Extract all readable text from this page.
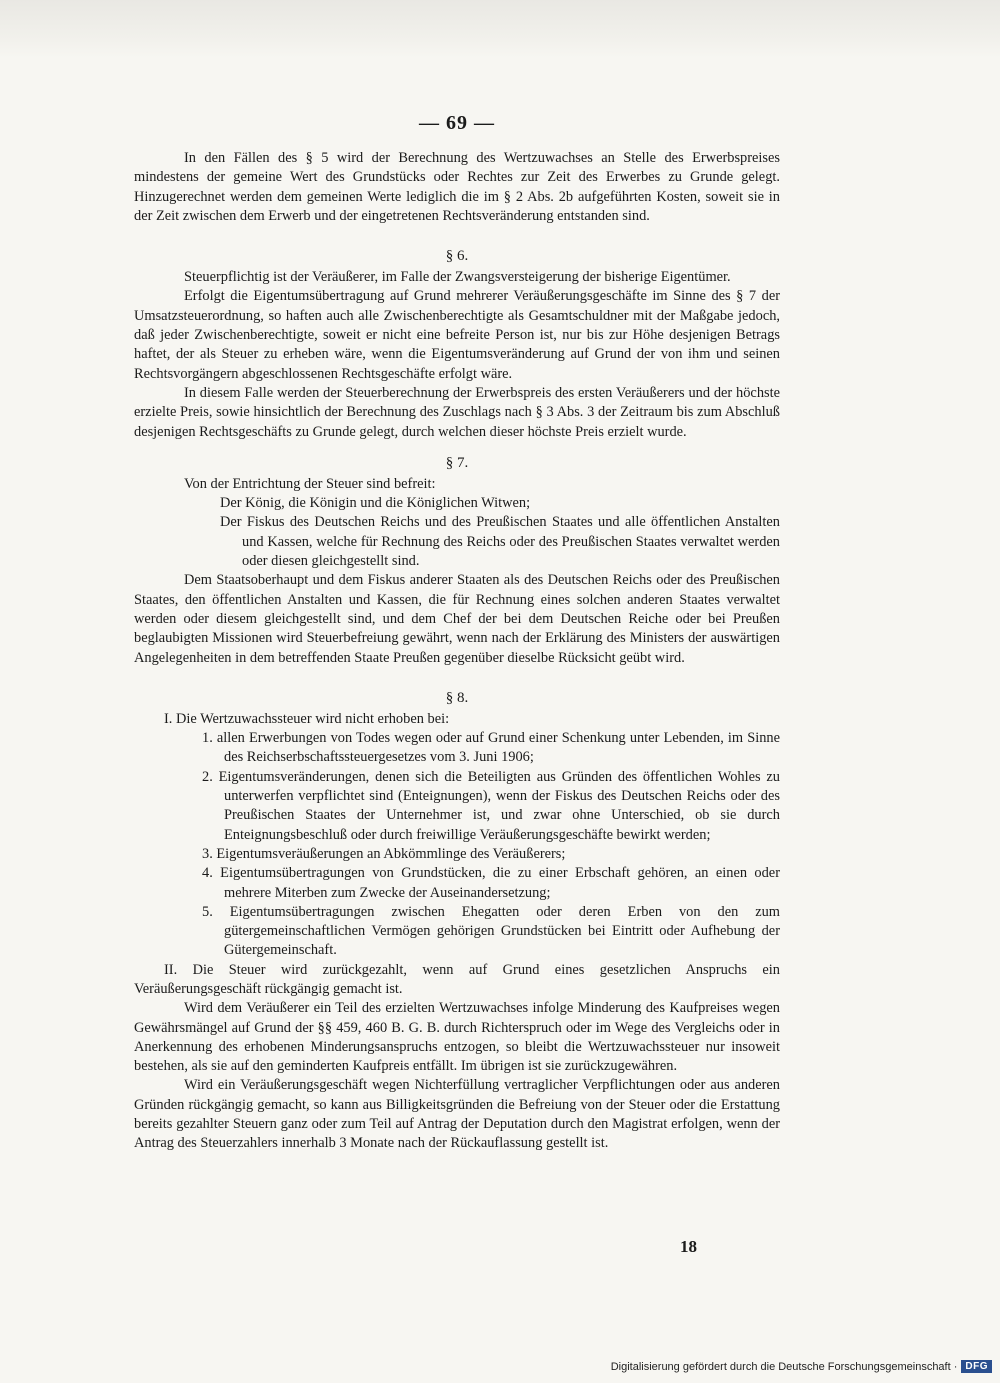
— 69 —

In den Fällen des § 5 wird der Berechnung des Wertzuwachses an Stelle des Erwerbspreises mindestens der gemeine Wert des Grundstücks oder Rechtes zur Zeit des Erwerbes zu Grunde gelegt. Hinzugerechnet werden dem gemeinen Werte lediglich die im § 2 Abs. 2b aufgeführten Kosten, soweit sie in der Zeit zwischen dem Erwerb und der eingetretenen Rechtsveränderung entstanden sind.

§ 6.

Steuerpflichtig ist der Veräußerer, im Falle der Zwangsversteigerung der bisherige Eigentümer.

Erfolgt die Eigentumsübertragung auf Grund mehrerer Veräußerungsgeschäfte im Sinne des § 7 der Umsatzsteuerordnung, so haften auch alle Zwischenberechtigte als Gesamtschuldner mit der Maßgabe jedoch, daß jeder Zwischenberechtigte, soweit er nicht eine befreite Person ist, nur bis zur Höhe desjenigen Betrags haftet, der als Steuer zu erheben wäre, wenn die Eigentumsveränderung auf Grund der von ihm und seinen Rechtsvorgängern abgeschlossenen Rechtsgeschäfte erfolgt wäre.

In diesem Falle werden der Steuerberechnung der Erwerbspreis des ersten Veräußerers und der höchste erzielte Preis, sowie hinsichtlich der Berechnung des Zuschlags nach § 3 Abs. 3 der Zeitraum bis zum Abschluß desjenigen Rechtsgeschäfts zu Grunde gelegt, durch welchen dieser höchste Preis erzielt wurde.

§ 7.

Von der Entrichtung der Steuer sind befreit:

Der König, die Königin und die Königlichen Witwen;
Der Fiskus des Deutschen Reichs und des Preußischen Staates und alle öffentlichen Anstalten und Kassen, welche für Rechnung des Reichs oder des Preußischen Staates verwaltet werden oder diesen gleichgestellt sind.

Dem Staatsoberhaupt und dem Fiskus anderer Staaten als des Deutschen Reichs oder des Preußischen Staates, den öffentlichen Anstalten und Kassen, die für Rechnung eines solchen anderen Staates verwaltet werden oder diesem gleichgestellt sind, und dem Chef der bei dem Deutschen Reiche oder bei Preußen beglaubigten Missionen wird Steuerbefreiung gewährt, wenn nach der Erklärung des Ministers der auswärtigen Angelegenheiten in dem betreffenden Staate Preußen gegenüber dieselbe Rücksicht geübt wird.

§ 8.

I. Die Wertzuwachssteuer wird nicht erhoben bei:

1. allen Erwerbungen von Todes wegen oder auf Grund einer Schenkung unter Lebenden, im Sinne des Reichserbschaftssteuergesetzes vom 3. Juni 1906;
2. Eigentumsveränderungen, denen sich die Beteiligten aus Gründen des öffentlichen Wohles zu unterwerfen verpflichtet sind (Enteignungen), wenn der Fiskus des Deutschen Reichs oder des Preußischen Staates der Unternehmer ist, und zwar ohne Unterschied, ob sie durch Enteignungsbeschluß oder durch freiwillige Veräußerungsgeschäfte bewirkt werden;
3. Eigentumsveräußerungen an Abkömmlinge des Veräußerers;
4. Eigentumsübertragungen von Grundstücken, die zu einer Erbschaft gehören, an einen oder mehrere Miterben zum Zwecke der Auseinandersetzung;
5. Eigentumsübertragungen zwischen Ehegatten oder deren Erben von den zum gütergemeinschaftlichen Vermögen gehörigen Grundstücken bei Eintritt oder Aufhebung der Gütergemeinschaft.

II. Die Steuer wird zurückgezahlt, wenn auf Grund eines gesetzlichen Anspruchs ein Veräußerungsgeschäft rückgängig gemacht ist.

Wird dem Veräußerer ein Teil des erzielten Wertzuwachses infolge Minderung des Kaufpreises wegen Gewährsmängel auf Grund der §§ 459, 460 B. G. B. durch Richterspruch oder im Wege des Vergleichs oder in Anerkennung des erhobenen Minderungsanspruchs entzogen, so bleibt die Wertzuwachssteuer nur insoweit bestehen, als sie auf den geminderten Kaufpreis entfällt. Im übrigen ist sie zurückzugewähren.

Wird ein Veräußerungsgeschäft wegen Nichterfüllung vertraglicher Verpflichtungen oder aus anderen Gründen rückgängig gemacht, so kann aus Billigkeitsgründen die Befreiung von der Steuer oder die Erstattung bereits gezahlter Steuern ganz oder zum Teil auf Antrag der Deputation durch den Magistrat erfolgen, wenn der Antrag des Steuerzahlers innerhalb 3 Monate nach der Rückauflassung gestellt ist.

18
Digitalisierung gefördert durch die Deutsche Forschungsgemeinschaft · DFG
